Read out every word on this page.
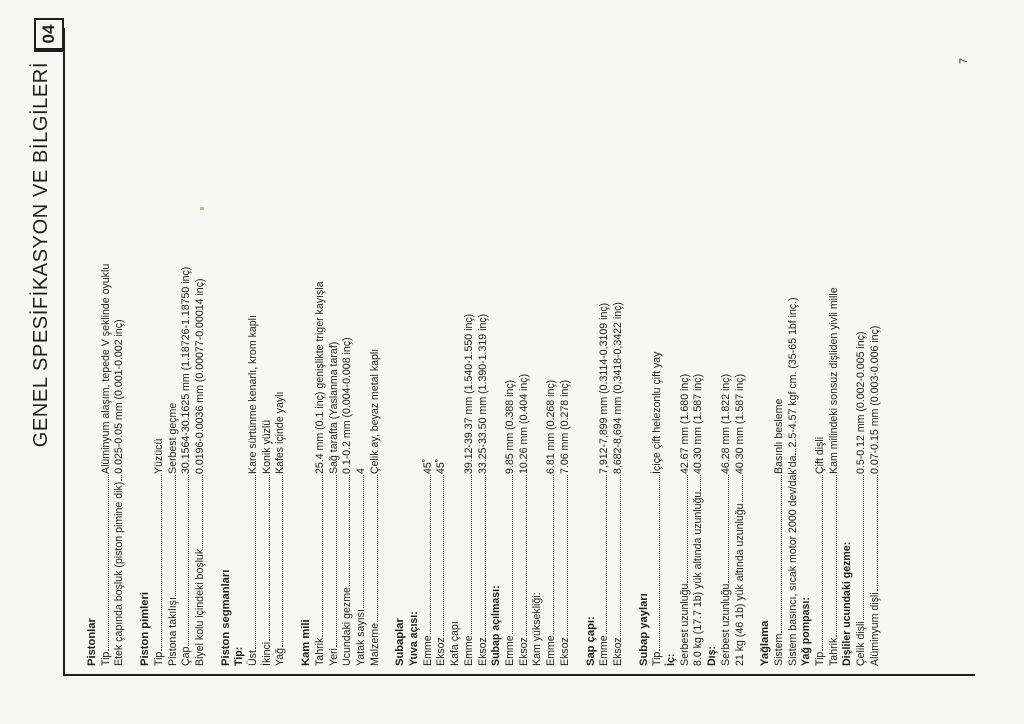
GENEL SPESİFİKASYON VE BİLGİLERİ
04
Pistonlar Tip
Alüminyum alaşım, tepede V şeklinde oyuklu
Etek çapında boşluk (piston pimine dik)
0.025-0.05 mm (0.001-0.002 inç)
Piston pimleri Tip
Yüzücü
Pistona takılışı
Serbest geçme
Çap
30.1564-30.1625 mm (1.18726-1.18750 inç)
Biyel kolu içindeki boşluk
0.0196-0.0036 mm (0.00077-0.00014 inç)
Piston segmanları Tip: Üst
Kare sürtünme kenarlı, krom kaplı
İkinci
Konik yüzlü
Yağ
Kafes içinde yaylı
Kam mili Tahrik
25.4 mm (0.1 inç) genişlikte triger kayışla
Yeri
Sağ tarafta (Yaslanma taraf)
Ucundaki gezme
0.1-0.2 mm (0.004-0.008 inç)
Yatak sayısı
4
Malzeme
Çelik ay, beyaz metal kaplı
Subaplar Yuva açısı: Emme
45˚
Eksoz
45˚
Kafa çapı Emme
39.12-39.37 mm (1.540-1.550 inç)
Eksoz
33.25-33.50 mm (1.390-1.319 inç)
Subap açılması: Emme
9.85 mm (0.388 inç)
Eksoz
10.26 mm (0.404 inç)
Kam yüksekliği: Emme
6.81 mm (0.268 inç)
Eksoz
7.06 mm (0.278 inç)
Sap çapı: Emme
7,912-7,899 mm (0.3114-0,3109 inç)
Eksoz
8,682-8,694 mm (0,3418-0,3422 inç)
Subap yayları Tip
İçiçe çift helezonlu çift yay
İç: Serbest uzunluğu
42.67 mm (1.680 inç)
8.0 kg (17.7 1b) yük altında uzunluğu
40.30 mm (1.587 inç)
Dış: Serbest uzunluğu
46.28 mm (1.822 inç)
21 kg (46 1b) yük altında uzunluğu
40.30 mm (1.587 inç)
Yağlama Sistem
Basınlı besleme
Sistem basıncı, sıcak motor 2000 dev/dak'da
2.5-4.57 kgf cm. (35-65 1bf inç.)
Yağ pompası: Tip
Çift dişli
Tahrik
Kam milindeki sonsuz dişliden yivli mille
Dişliler ucundaki gezme: Çelik dişli
0.5-0.12 mm (0.002-0.005 inç)
Alüminyum dişli
0.07-0.15 mm (0.003-0.006 inç)
7
